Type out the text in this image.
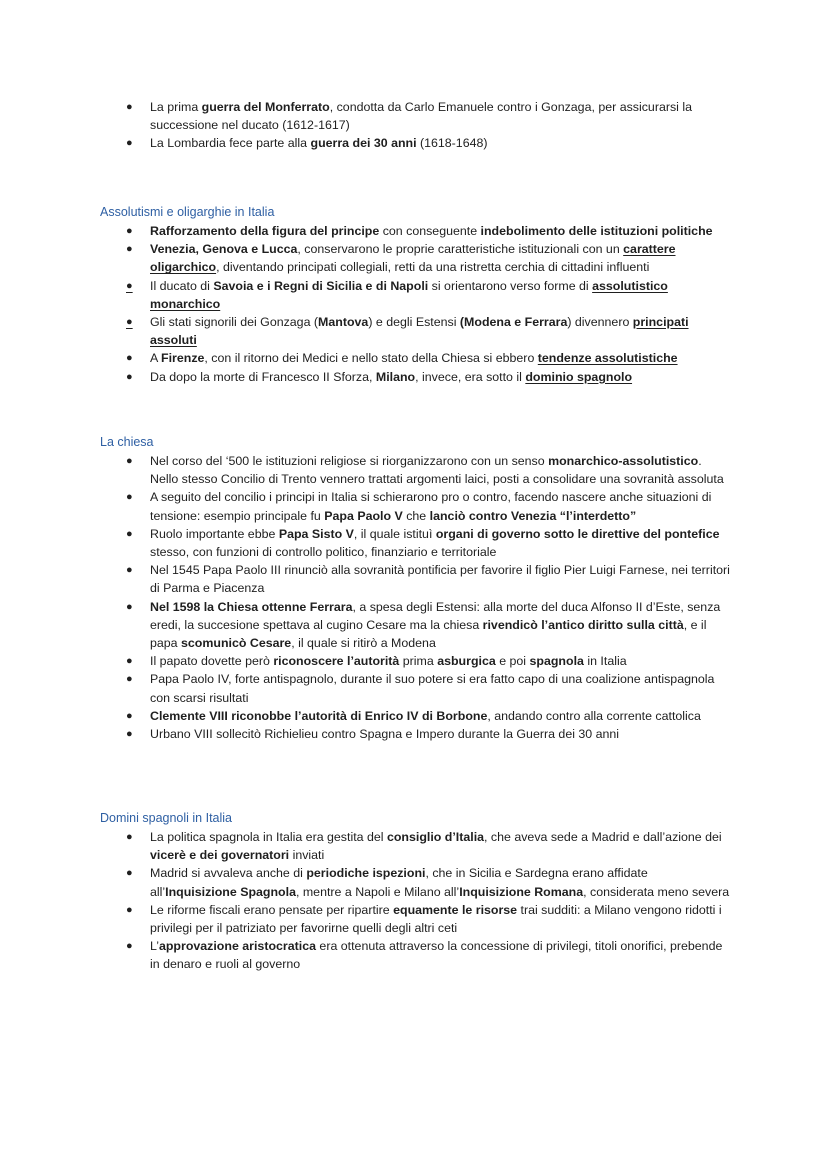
● La prima guerra del Monferrato, condotta da Carlo Emanuele contro i Gonzaga, per assicurarsi la successione nel ducato (1612-1617)
● La Lombardia fece parte alla guerra dei 30 anni (1618-1648)
Assolutismi e oligarghie in Italia
● Rafforzamento della figura del principe con conseguente indebolimento delle istituzioni politiche
● Venezia, Genova e Lucca, conservarono le proprie caratteristiche istituzionali con un carattere oligarchico, diventando principati collegiali, retti da una ristretta cerchia di cittadini influenti
● Il ducato di Savoia e i Regni di Sicilia e di Napoli si orientarono verso forme di assolutistico monarchico
● Gli stati signorili dei Gonzaga (Mantova) e degli Estensi (Modena e Ferrara) divennero principati assoluti
● A Firenze, con il ritorno dei Medici e nello stato della Chiesa si ebbero tendenze assolutistiche
● Da dopo la morte di Francesco II Sforza, Milano, invece, era sotto il dominio spagnolo
La chiesa
● Nel corso del ‘500 le istituzioni religiose si riorganizzarono con un senso monarchico-assolutistico. Nello stesso Concilio di Trento vennero trattati argomenti laici, posti a consolidare una sovranità assoluta
● A seguito del concilio i principi in Italia si schierarono pro o contro, facendo nascere anche situazioni di tensione: esempio principale fu Papa Paolo V che lanciò contro Venezia “l’interdetto”
● Ruolo importante ebbe Papa Sisto V, il quale istituì organi di governo sotto le direttive del pontefice stesso, con funzioni di controllo politico, finanziario e territoriale
● Nel 1545 Papa Paolo III rinunciò alla sovranità pontificia per favorire il figlio Pier Luigi Farnese, nei territori di Parma e Piacenza
● Nel 1598 la Chiesa ottenne Ferrara, a spesa degli Estensi: alla morte del duca Alfonso II d’Este, senza eredi, la succesione spettava al cugino Cesare ma la chiesa rivendicò l’antico diritto sulla città, e il papa scomunicò Cesare, il quale si ritirò a Modena
● Il papato dovette però riconoscere l’autorità prima asburgica e poi spagnola in Italia
● Papa Paolo IV, forte antispagnolo, durante il suo potere si era fatto capo di una coalizione antispagnola con scarsi risultati
● Clemente VIII riconobbe l’autorità di Enrico IV di Borbone, andando contro alla corrente cattolica
● Urbano VIII sollecitò Richielieu contro Spagna e Impero durante la Guerra dei 30 anni
Domini spagnoli in Italia
● La politica spagnola in Italia era gestita del consiglio d’Italia, che aveva sede a Madrid e dall’azione dei vicerè e dei governatori inviati
● Madrid si avvaleva anche di periodiche ispezioni, che in Sicilia e Sardegna erano affidate all’Inquisizione Spagnola, mentre a Napoli e Milano all’Inquisizione Romana, considerata meno severa
● Le riforme fiscali erano pensate per ripartire equamente le risorse trai sudditi: a Milano vengono ridotti i privilegi per il patriziato per favorirne quelli degli altri ceti
● L’approvazione aristocratica era ottenuta attraverso la concessione di privilegi, titoli onorifici, prebende in denaro e ruoli al governo
